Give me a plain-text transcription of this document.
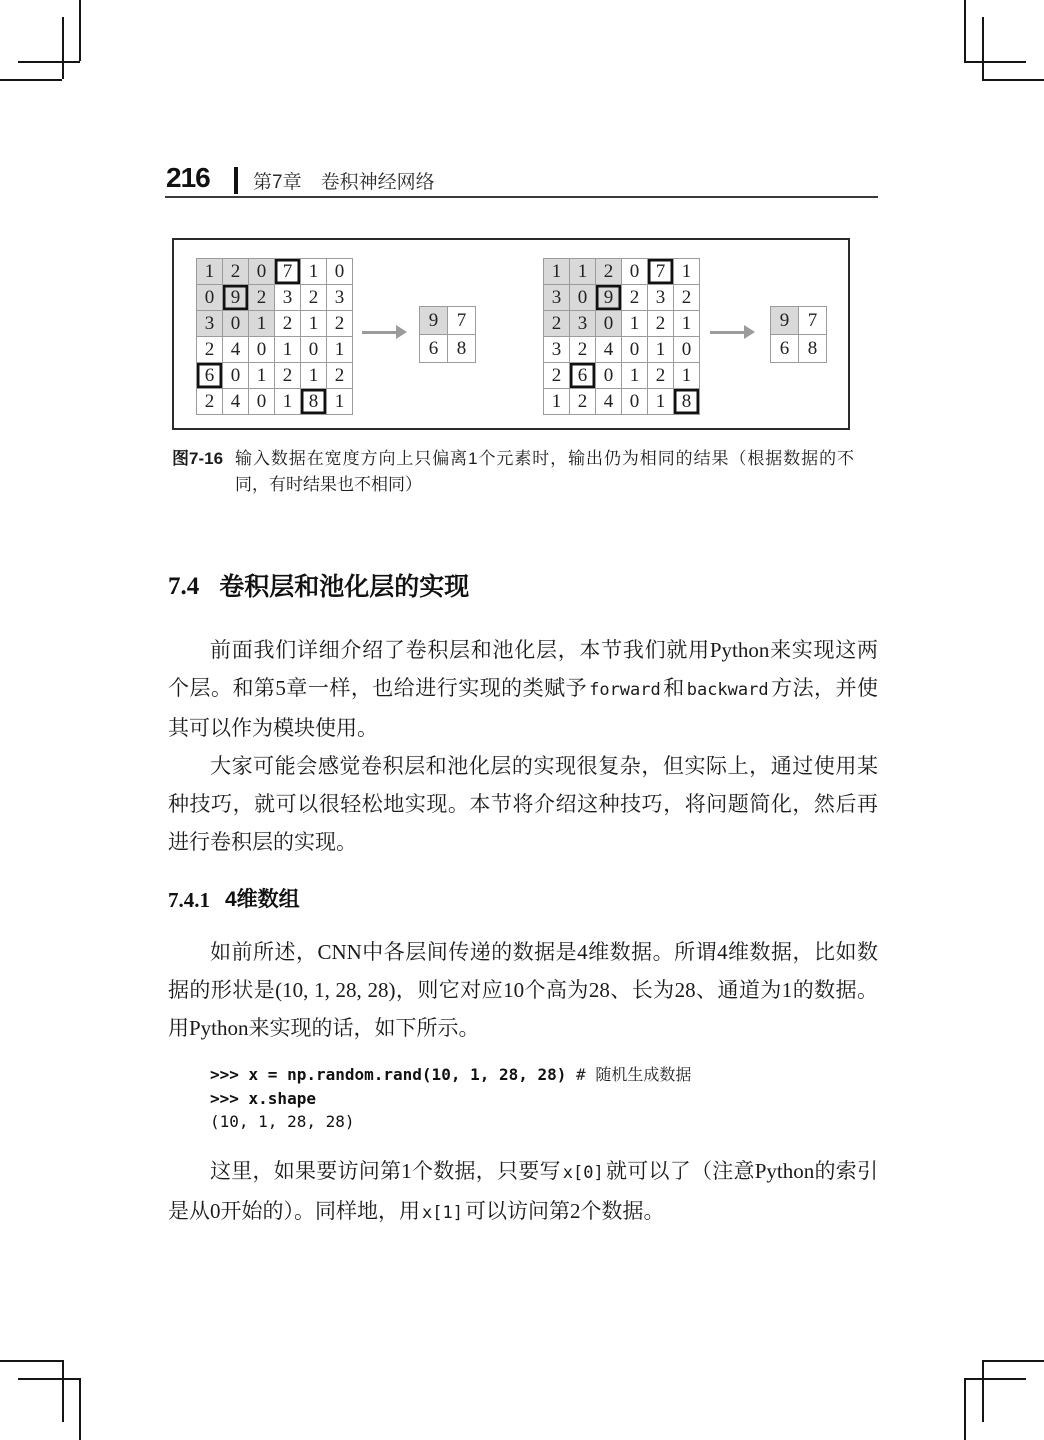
216 第7章　卷积神经网络
1 2 0 7 1 0
0 9 2 3 2 3
3 0 1 2 1 2
2 4 0 1 0 1
6 0 1 2 1 2
2 4 0 1 8 1
9 7
6 8
1 1 2 0 7 1
3 0 9 2 3 2
2 3 0 1 2 1
3 2 4 0 1 0
2 6 0 1 2 1
1 2 4 0 1 8
9 7
6 8
图7-16 输入数据在宽度方向上只偏离1个元素时，输出仍为相同的结果（根据数据的不同，有时结果也不相同）
7.4 卷积层和池化层的实现

前面我们详细介绍了卷积层和池化层，本节我们就用Python来实现这两个层。和第5章一样，也给进行实现的类赋予 forward和 backward方法，并使其可以作为模块使用。

大家可能会感觉卷积层和池化层的实现很复杂，但实际上，通过使用某种技巧，就可以很轻松地实现。本节将介绍这种技巧，将问题简化，然后再进行卷积层的实现。

7.4.1 4维数组

如前所述，CNN中各层间传递的数据是4维数据。所谓4维数据，比如数据的形状是(10, 1, 28, 28)，则它对应10个高为28、长为28、通道为1的数据。用Python来实现的话，如下所示。

>>> x = np.random.rand(10, 1, 28, 28) # 随机生成数据
>>> x.shape
(10, 1, 28, 28)

这里，如果要访问第1个数据，只要写 x[0]就可以了（注意Python的索引是从0开始的）。同样地，用 x[1]可以访问第2个数据。
